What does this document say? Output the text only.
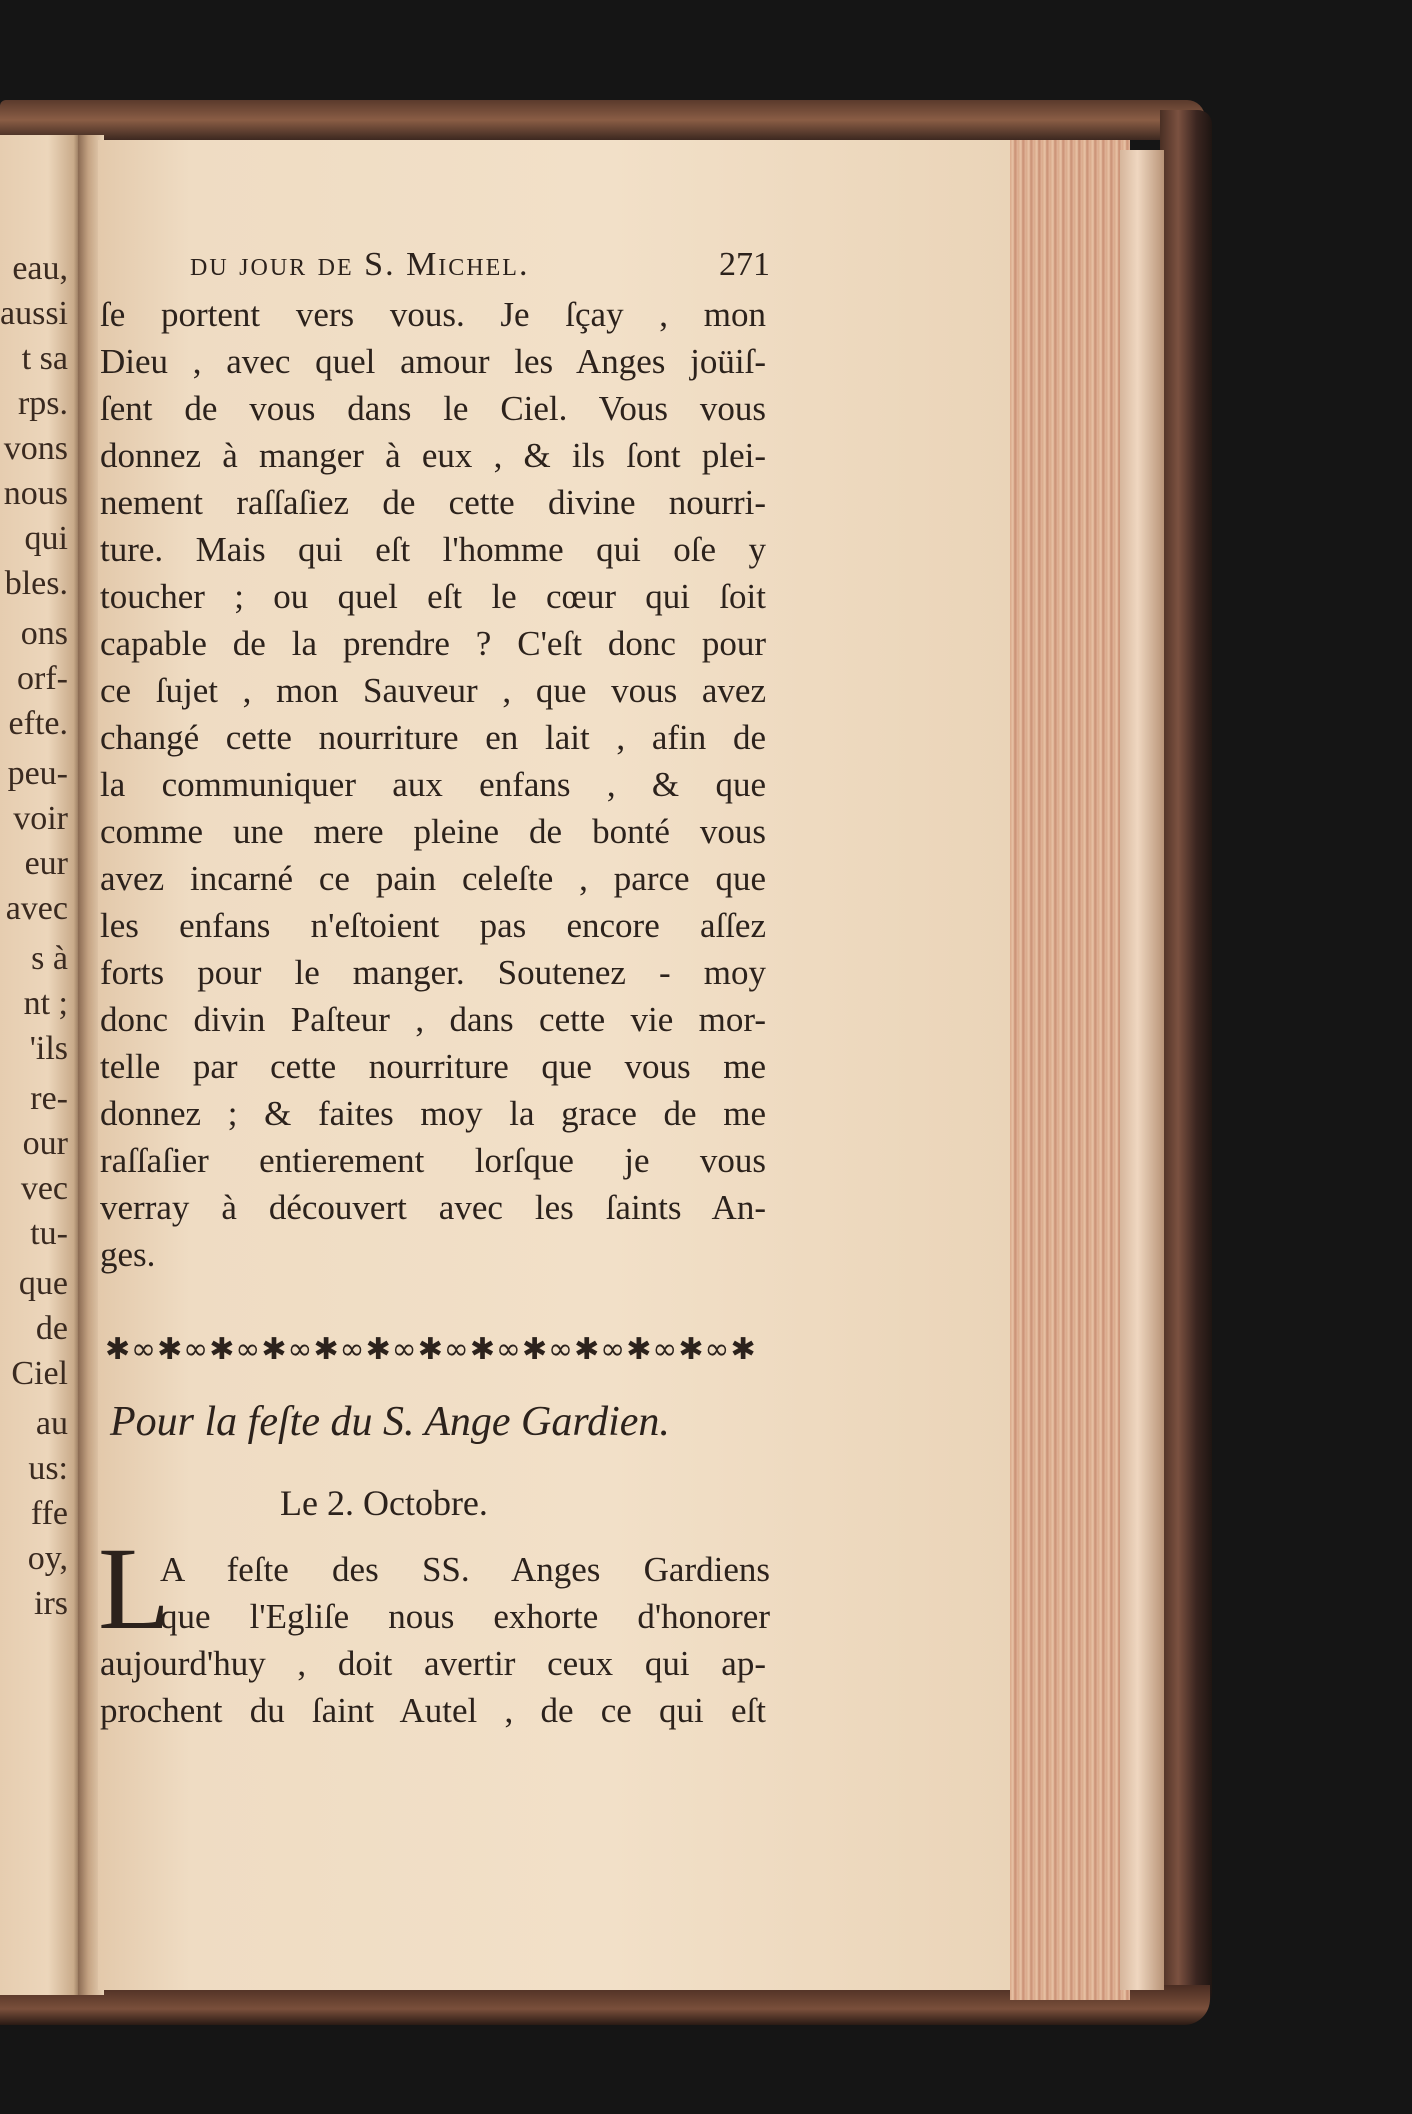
eau,
aussi
t sa
rps.
vons
nous
qui
bles.
ons
orf-
efte.
peu-
voir
eur
avec
s à
nt ;
'ils
re-
our
vec
tu-
que
de
Ciel
au
us:
ffe
oy,
irs
du jour de S. Michel.	271
ſe portent vers vous. Je ſçay , mon
Dieu , avec quel amour les Anges joüiſ-
ſent de vous dans le Ciel. Vous vous
donnez à manger à eux , & ils ſont plei-
nement raſſaſiez de cette divine nourri-
ture. Mais qui eſt l'homme qui oſe y
toucher ; ou quel eſt le cœur qui ſoit
capable de la prendre ? C'eſt donc pour
ce ſujet , mon Sauveur , que vous avez
changé cette nourriture en lait , afin de
la communiquer aux enfans , & que
comme une mere pleine de bonté vous
avez incarné ce pain celeſte , parce que
les enfans n'eſtoient pas encore aſſez
forts pour le manger. Soutenez - moy
donc divin Paſteur , dans cette vie mor-
telle par cette nourriture que vous me
donnez ; & faites moy la grace de me
raſſaſier entierement lorſque je vous
verray à découvert avec les ſaints An-
ges.
✱∞✱∞✱∞✱∞✱∞✱∞✱∞✱∞✱∞✱∞✱∞✱∞✱
Pour la feſte du S. Ange Gardien.
Le 2. Octobre.
L
A feſte des SS. Anges Gardiens
que l'Egliſe nous exhorte d'honorer
aujourd'huy , doit avertir ceux qui ap-
prochent du ſaint Autel , de ce qui eſt
